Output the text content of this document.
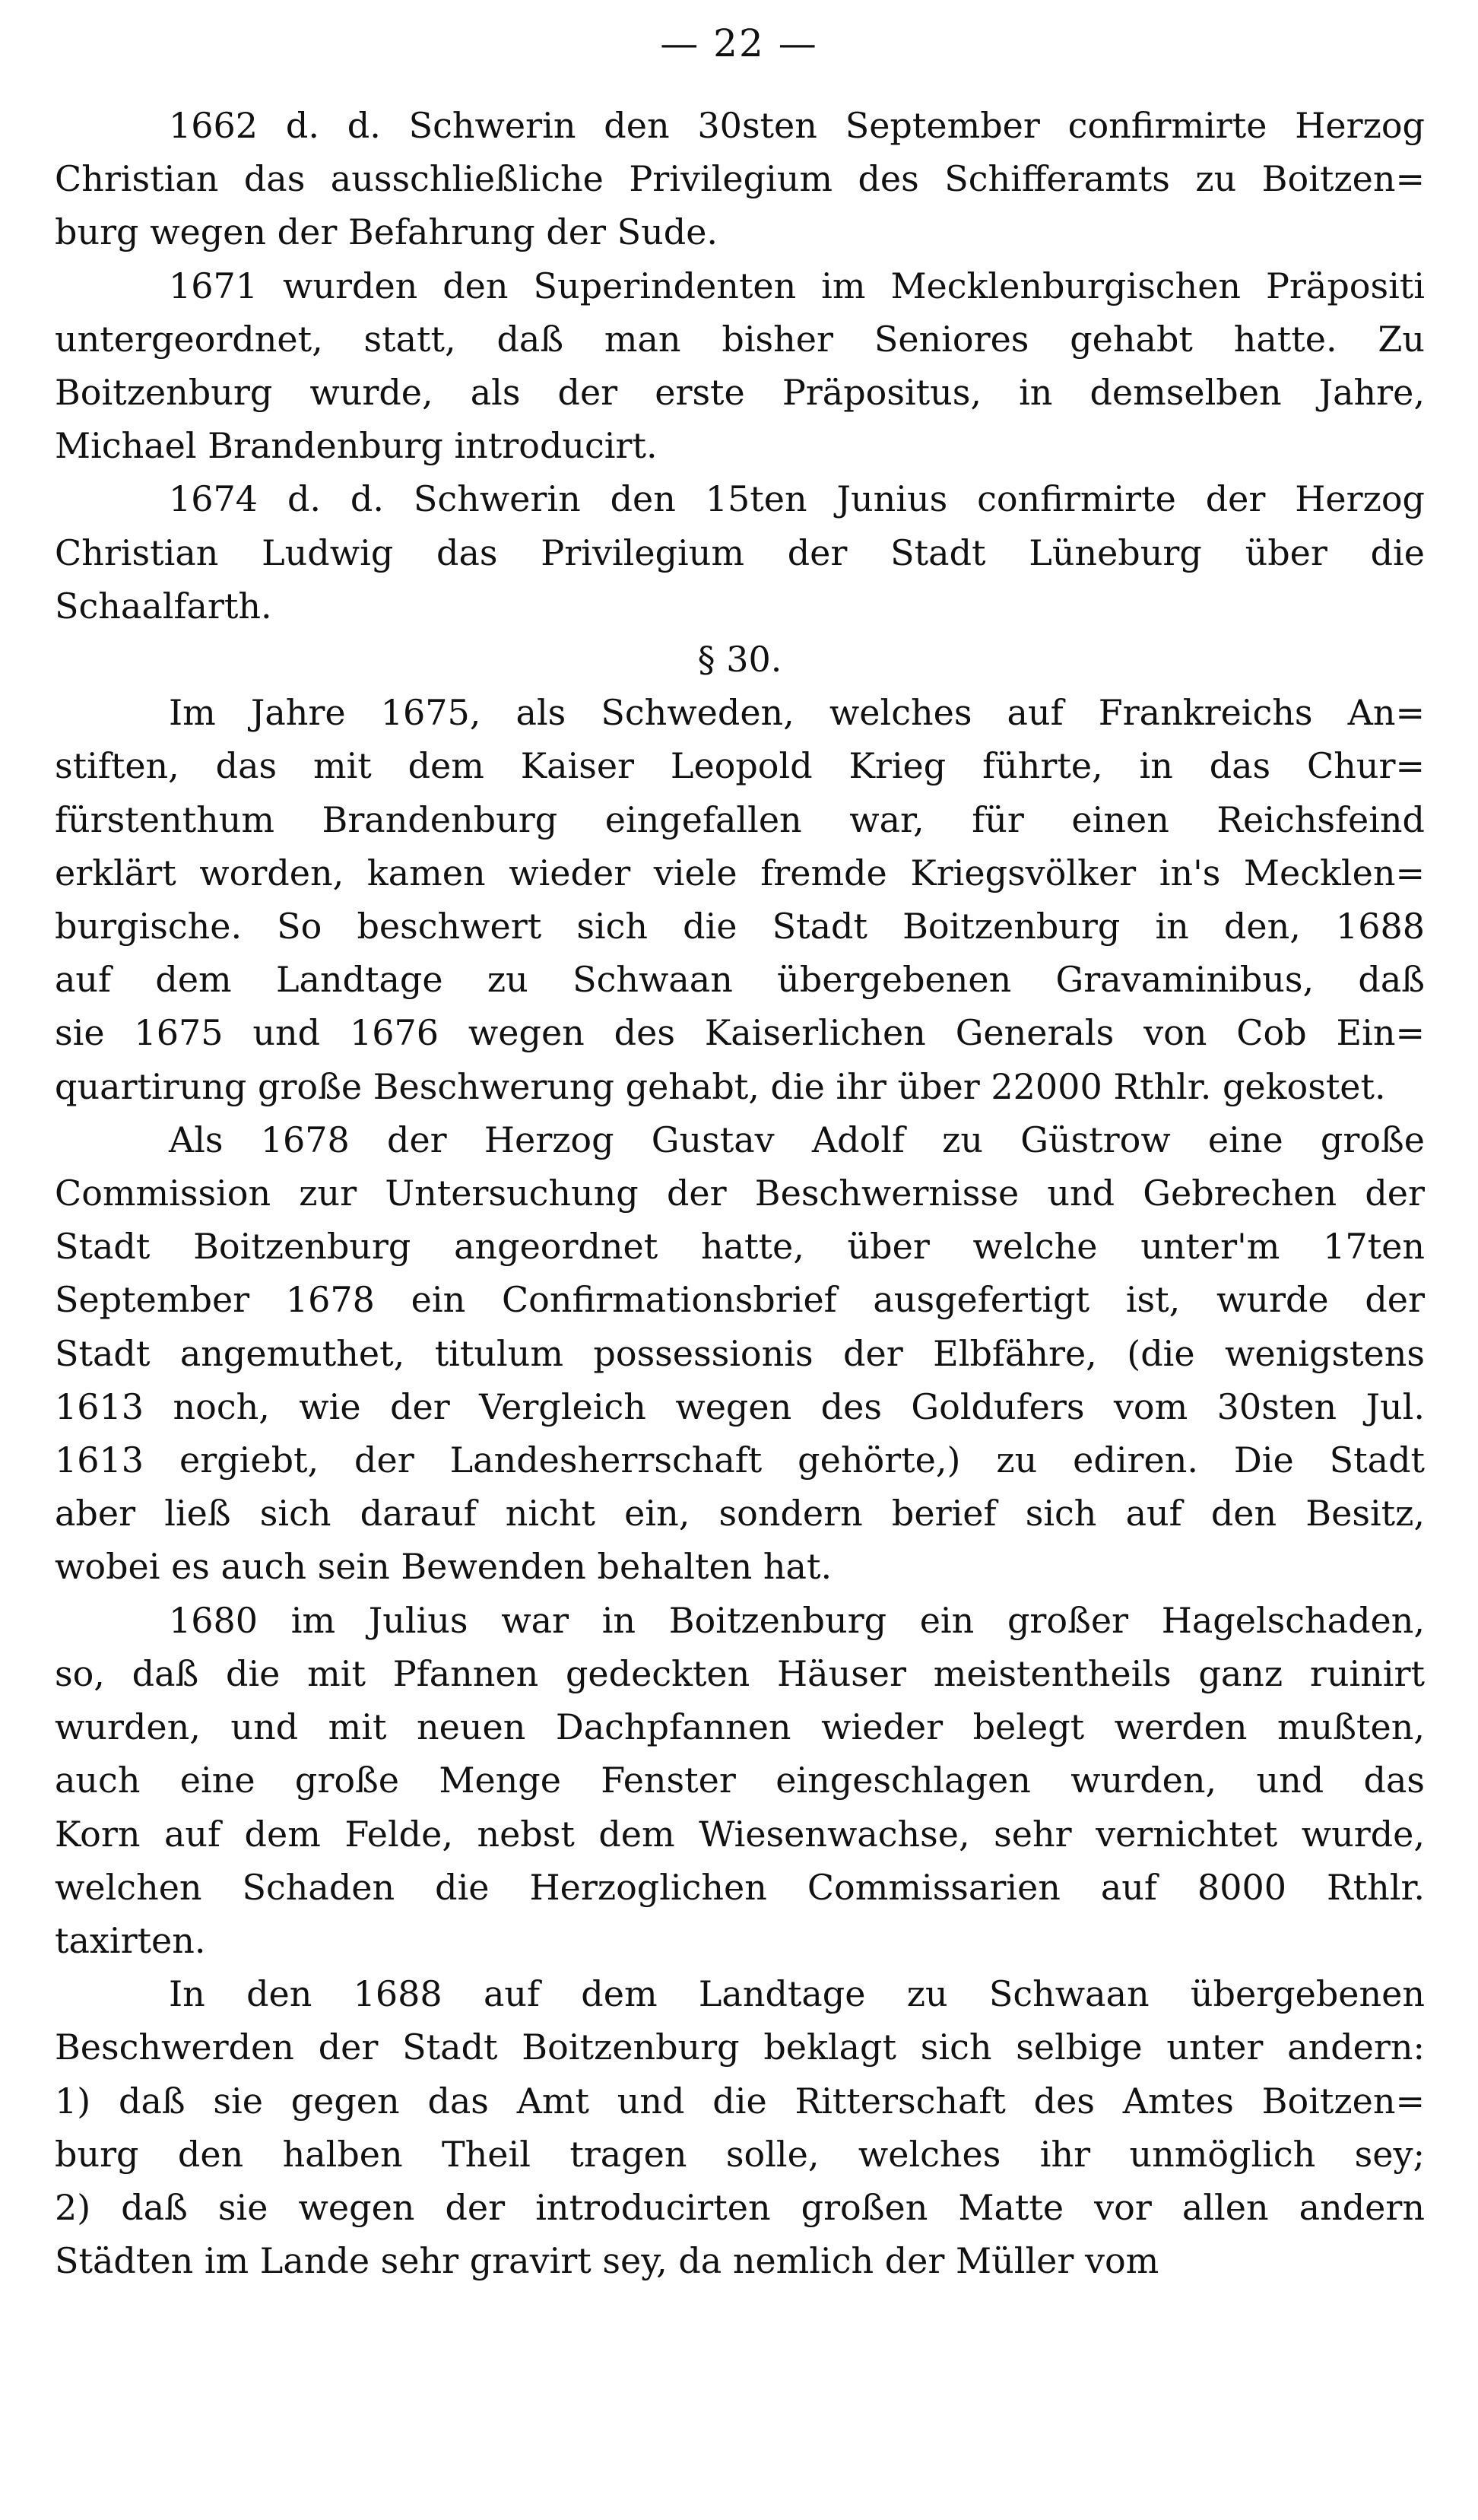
— 22 —
1662 d. d. Schwerin den 30sten September confirmirte Herzog
Christian das ausschließliche Privilegium des Schifferamts zu Boitzen=
burg wegen der Befahrung der Sude.
1671 wurden den Superindenten im Mecklenburgischen Präpositi
untergeordnet, statt, daß man bisher Seniores gehabt hatte. Zu
Boitzenburg wurde, als der erste Präpositus, in demselben Jahre,
Michael Brandenburg introducirt.
1674 d. d. Schwerin den 15ten Junius confirmirte der Herzog
Christian Ludwig das Privilegium der Stadt Lüneburg über die
Schaalfarth.
§ 30.
Im Jahre 1675, als Schweden, welches auf Frankreichs An=
stiften, das mit dem Kaiser Leopold Krieg führte, in das Chur=
fürstenthum Brandenburg eingefallen war, für einen Reichsfeind
erklärt worden, kamen wieder viele fremde Kriegsvölker in's Mecklen=
burgische. So beschwert sich die Stadt Boitzenburg in den, 1688
auf dem Landtage zu Schwaan übergebenen Gravaminibus, daß
sie 1675 und 1676 wegen des Kaiserlichen Generals von Cob Ein=
quartirung große Beschwerung gehabt, die ihr über 22000 Rthlr. gekostet.
Als 1678 der Herzog Gustav Adolf zu Güstrow eine große
Commission zur Untersuchung der Beschwernisse und Gebrechen der
Stadt Boitzenburg angeordnet hatte, über welche unter'm 17ten
September 1678 ein Confirmationsbrief ausgefertigt ist, wurde der
Stadt angemuthet, titulum possessionis der Elbfähre, (die wenigstens
1613 noch, wie der Vergleich wegen des Goldufers vom 30sten Jul.
1613 ergiebt, der Landesherrschaft gehörte,) zu ediren. Die Stadt
aber ließ sich darauf nicht ein, sondern berief sich auf den Besitz,
wobei es auch sein Bewenden behalten hat.
1680 im Julius war in Boitzenburg ein großer Hagelschaden,
so, daß die mit Pfannen gedeckten Häuser meistentheils ganz ruinirt
wurden, und mit neuen Dachpfannen wieder belegt werden mußten,
auch eine große Menge Fenster eingeschlagen wurden, und das
Korn auf dem Felde, nebst dem Wiesenwachse, sehr vernichtet wurde,
welchen Schaden die Herzoglichen Commissarien auf 8000 Rthlr.
taxirten.
In den 1688 auf dem Landtage zu Schwaan übergebenen
Beschwerden der Stadt Boitzenburg beklagt sich selbige unter andern:
1) daß sie gegen das Amt und die Ritterschaft des Amtes Boitzen=
burg den halben Theil tragen solle, welches ihr unmöglich sey;
2) daß sie wegen der introducirten großen Matte vor allen andern
Städten im Lande sehr gravirt sey, da nemlich der Müller vom
